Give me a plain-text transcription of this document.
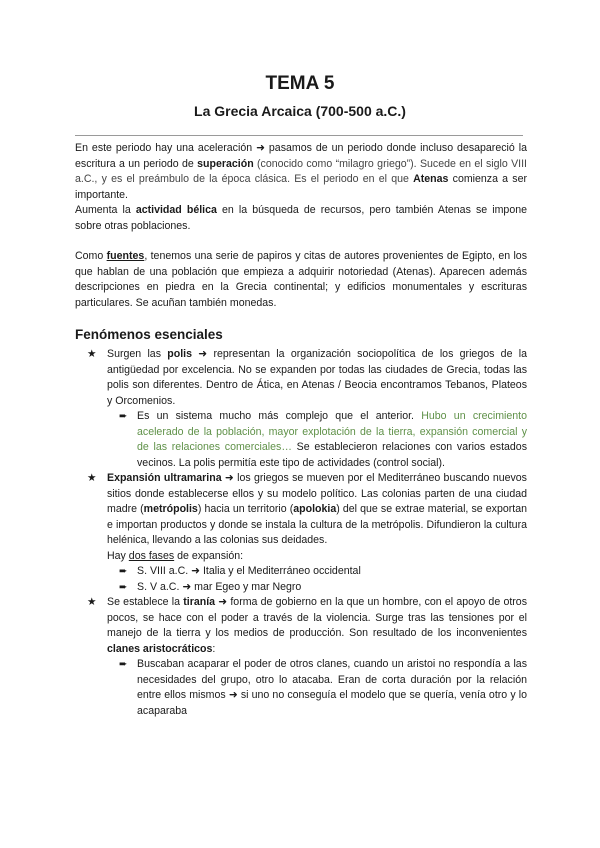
TEMA 5
La Grecia Arcaica (700-500 a.C.)

En este periodo hay una aceleración ➜ pasamos de un periodo donde incluso desapareció la escritura a un periodo de superación (conocido como “milagro griego”). Sucede en el siglo VIII a.C., y es el preámbulo de la época clásica. Es el periodo en el que Atenas comienza a ser importante.

Aumenta la actividad bélica en la búsqueda de recursos, pero también Atenas se impone sobre otras poblaciones.

Como fuentes, tenemos una serie de papiros y citas de autores provenientes de Egipto, en los que hablan de una población que empieza a adquirir notoriedad (Atenas). Aparecen además descripciones en piedra en la Grecia continental; y edificios monumentales y escrituras particulares. Se acuñan también monedas.

Fenómenos esenciales

★ Surgen las polis ➜ representan la organización sociopolítica de los griegos de la antigüedad por excelencia. No se expanden por todas las ciudades de Grecia, todas las polis son diferentes. Dentro de Ática, en Atenas / Beocia encontramos Tebanos, Plateos y Orcomenios.

➨ Es un sistema mucho más complejo que el anterior. Hubo un crecimiento acelerado de la población, mayor explotación de la tierra, expansión comercial y de las relaciones comerciales… Se establecieron relaciones con varios estados vecinos. La polis permitía este tipo de actividades (control social).

★ Expansión ultramarina ➜ los griegos se mueven por el Mediterráneo buscando nuevos sitios donde establecerse ellos y su modelo político. Las colonias parten de una ciudad madre (metrópolis) hacia un territorio (apolokia) del que se extrae material, se exportan e importan productos y donde se instala la cultura de la metrópolis. Difundieron la cultura helénica, llevando a las colonias sus deidades.

Hay dos fases de expansión:

➨ S. VIII a.C. ➜ Italia y el Mediterráneo occidental

➨ S. V a.C. ➜ mar Egeo y mar Negro

★ Se establece la tiranía ➜ forma de gobierno en la que un hombre, con el apoyo de otros pocos, se hace con el poder a través de la violencia. Surge tras las tensiones por el manejo de la tierra y los medios de producción. Son resultado de los inconvenientes clanes aristocráticos:

➨ Buscaban acaparar el poder de otros clanes, cuando un aristoi no respondía a las necesidades del grupo, otro lo atacaba. Eran de corta duración por la relación entre ellos mismos ➜ si uno no conseguía el modelo que se quería, venía otro y lo acaparaba
